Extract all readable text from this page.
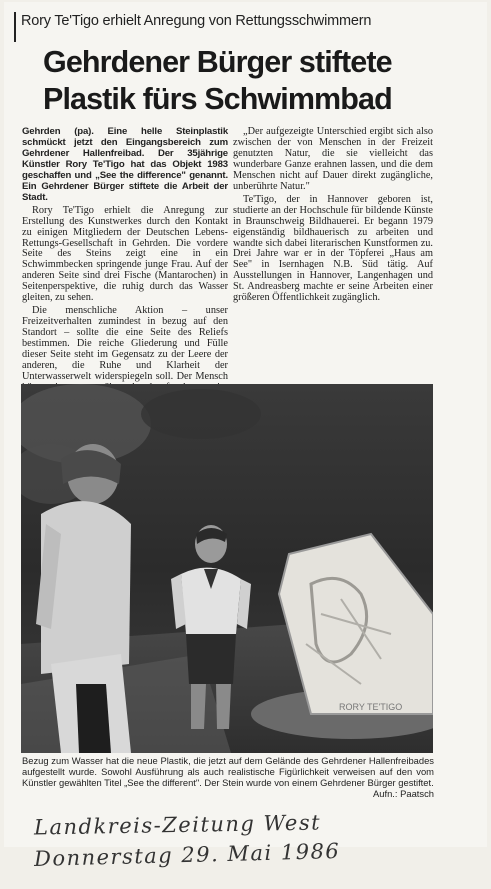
Rory Te'Tigo erhielt Anregung von Rettungsschwimmern
Gehrdener Bürger stiftete
Plastik fürs Schwimmbad

Gehrden (pa). Eine helle Steinplastik schmückt jetzt den Eingangsbereich zum Gehrdener Hallenfreibad. Der 35jährige Künstler Rory Te'Tigo hat das Objekt 1983 geschaffen und „See the difference" genannt. Ein Gehrdener Bürger stiftete die Arbeit der Stadt.

Rory Te'Tigo erhielt die Anregung zur Erstellung des Kunstwerkes durch den Kontakt zu einigen Mitgliedern der Deutschen Lebens-Rettungs-Gesellschaft in Gehrden. Die vordere Seite des Steins zeigt eine in ein Schwimmbecken springende junge Frau. Auf der anderen Seite sind drei Fische (Mantarochen) in Seitenperspektive, die ruhig durch das Wasser gleiten, zu sehen.

Die menschliche Aktion – unser Freizeitverhalten zumindest in bezug auf den Standort – sollte die eine Seite des Reliefs bestimmen. Die reiche Gliederung und Fülle dieser Seite steht im Gegensatz zu der Leere der anderen, die Ruhe und Klarheit der Unterwasserwelt widerspiegeln soll. Der Mensch

„Der aufgezeigte Unterschied ergibt sich also zwischen der von Menschen in der Freizeit genutzten Natur, die sie vielleicht das wunderbare Ganze erahnen lassen, und die dem Menschen nicht auf Dauer direkt zugängliche, unberührte Natur."

Te'Tigo, der in Hannover geboren ist, studierte an der Hochschule für bildende Künste in Braunschweig Bildhauerei. Er begann 1979 eigenständig bildhauerisch zu arbeiten und wandte sich dabei literarischen Kunstformen zu. Drei Jahre war er in der Töpferei „Haus am See" in Isernhagen N.B. Süd tätig. Auf Ausstellungen in Hannover, Langenhagen und St. Andreasberg machte er seine Arbeiten einer größeren Öffentlichkeit zugänglich.

RORY TE'TIGO
Bezug zum Wasser hat die neue Plastik, die jetzt auf dem Gelände des Gehrdener Hallenfreibades aufgestellt wurde. Sowohl Ausführung als auch realistische Figürlichkeit verweisen auf den vom Künstler gewählten Titel „See the different". Der Stein wurde von einem Gehrdener Bürger gestiftet.
Aufn.: Paatsch
Landkreis-Zeitung West
Donnerstag 29. Mai 1986
